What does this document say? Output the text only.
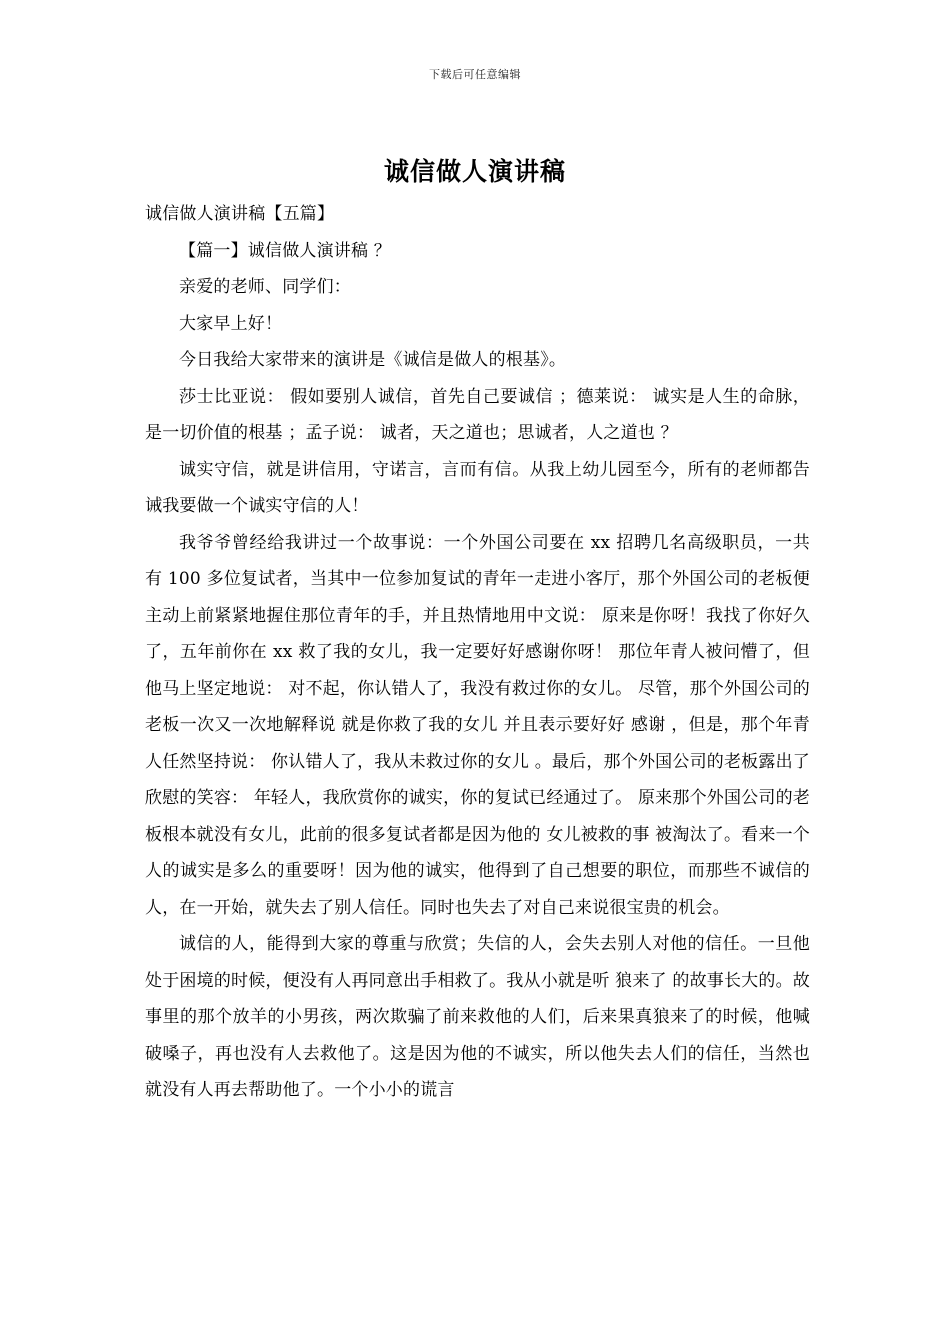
下载后可任意编辑
诚信做人演讲稿

诚信做人演讲稿【五篇】

【篇一】诚信做人演讲稿 ？

亲爱的老师、同学们：

大家早上好！

今日我给大家带来的演讲是《诚信是做人的根基》。

莎士比亚说： 假如要别人诚信，首先自己要诚信 ；德莱说： 诚实是人生的命脉，是一切价值的根基 ；孟子说： 诚者，天之道也；思诚者，人之道也 ？

诚实守信，就是讲信用，守诺言，言而有信。从我上幼儿园至今，所有的老师都告诫我要做一个诚实守信的人！

我爷爷曾经给我讲过一个故事说：一个外国公司要在 xx 招聘几名高级职员，一共有 100 多位复试者，当其中一位参加复试的青年一走进小客厅，那个外国公司的老板便主动上前紧紧地握住那位青年的手，并且热情地用中文说： 原来是你呀！我找了你好久了，五年前你在 xx 救了我的女儿，我一定要好好感谢你呀！ 那位年青人被问懵了，但他马上坚定地说： 对不起，你认错人了，我没有救过你的女儿。 尽管，那个外国公司的老板一次又一次地解释说 就是你救了我的女儿 并且表示要好好 感谢 ，但是，那个年青人任然坚持说： 你认错人了，我从未救过你的女儿 。最后，那个外国公司的老板露出了欣慰的笑容： 年轻人，我欣赏你的诚实，你的复试已经通过了。 原来那个外国公司的老板根本就没有女儿，此前的很多复试者都是因为他的 女儿被救的事 被淘汰了。看来一个人的诚实是多么的重要呀！因为他的诚实，他得到了自己想要的职位，而那些不诚信的人，在一开始，就失去了别人信任。同时也失去了对自己来说很宝贵的机会。

诚信的人，能得到大家的尊重与欣赏；失信的人，会失去别人对他的信任。一旦他处于困境的时候，便没有人再同意出手相救了。我从小就是听 狼来了 的故事长大的。故事里的那个放羊的小男孩，两次欺骗了前来救他的人们，后来果真狼来了的时候，他喊破嗓子，再也没有人去救他了。这是因为他的不诚实，所以他失去人们的信任，当然也就没有人再去帮助他了。一个小小的谎言
